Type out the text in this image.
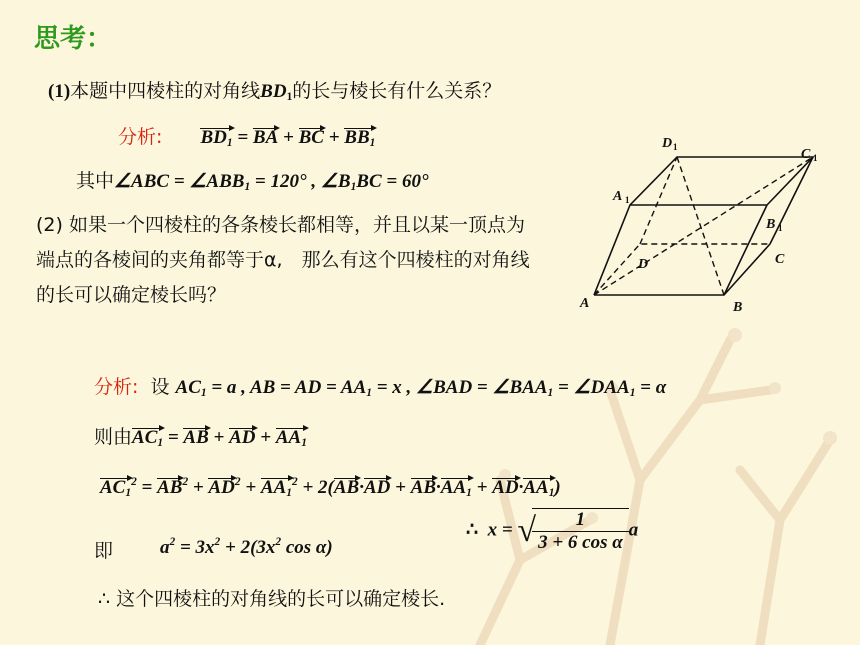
思考：
(1)本题中四棱柱的对角线$BD_1$的长与棱长有什么关系？
分析: $BD_1$ = BA + BC + $BB_1$
其中∠ABC = $\angle ABB_1 = 120^\circ$ , $\angle B_1BC = 60^\circ$
(2) 如果一个四棱柱的各条棱长都相等，并且以某一顶点为端点的各棱间的夹角都等于α,　那么有这个四棱柱的对角线的长可以确定棱长吗？	A	B
C
D
A
B
C
D
1
1
1
1
分析: 设 $AC_1 = a$ , AB = AD = $AA_1 = x$ , ∠BAD = $\angle BAA_1$ = $\angle DAA_1 = \alpha$
则由$AC_1$ = AB + AD + $AA_1$
$AC_1^2 = AB^2 + AD^2 + AA_1^2 + 2(AB\cdot AD + AB\cdot AA_1 + AD\cdot AA_1)$
即 $a^2 = 3x^2 + 2(3x^2$ cos α)
∴  x = √
$\frac{1}{\text{3 + 6 cos α}}$ a
∴ 这个四棱柱的对角线的长可以确定棱长.
